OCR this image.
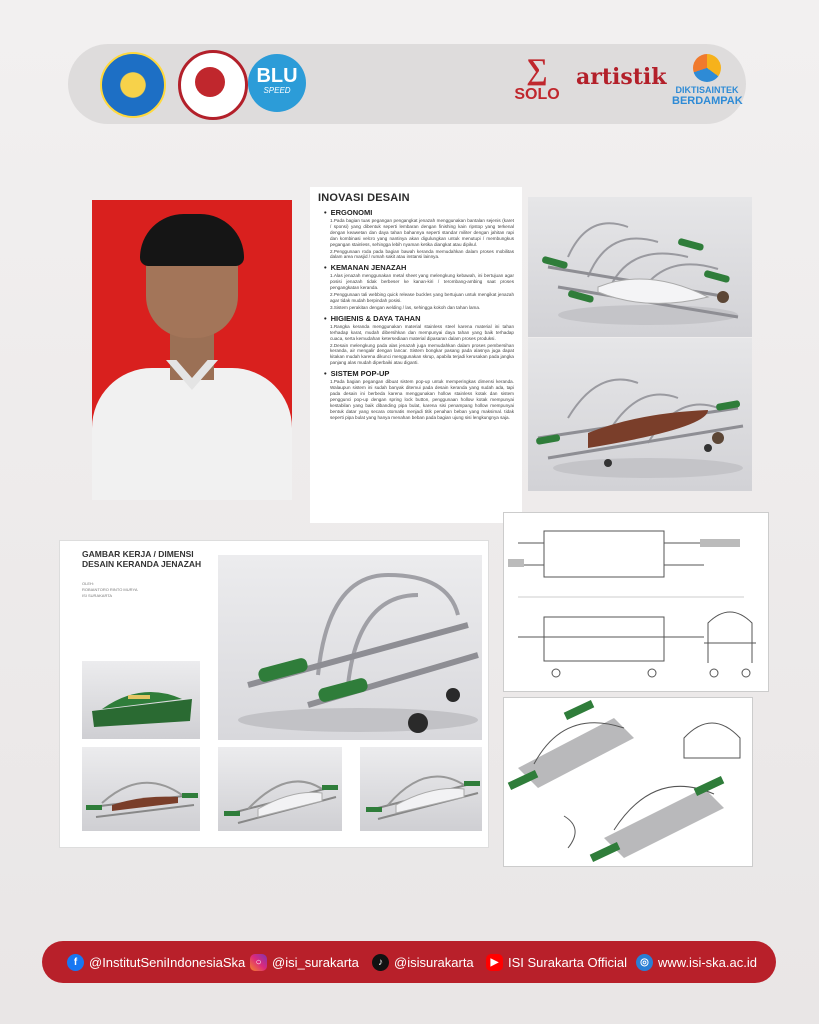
BLU
SPEED
∑
SOLO
artistik DIKTISAINTEK
BERDAMPAK
INOVASI DESAIN
• ERGONOMI
1.Pada bagian tuas pegangan pengangkat jenazah menggunakan bantalan sejenis (karet / sponsi) yang dibentuk seperti lembaran dengan finishing kain ripstop yang terkenal dengan keawetan dan daya tahan bahannya seperti standar militer dengan jahitan rapi dan kombinasi velcro yang nantinya akan digulungkan untuk menutupi / membungkus pegangan stainless, sehingga lebih nyaman ketika diangkat atau dipikul.
2.Penggunaan roda pada bagian bawah keranda memudahkan dalam proses mobilitas dalam area masjid / rumah sakit atau instansi lainnya.
• KEMANAN JENAZAH
1.Alas jenazah menggunakan metal sheet yang melengkung kebawah, ini bertujuan agar posisi jenazah tidak berbeser ke kanan-kiri / terombang-ambing saat proses pengangkatan keranda.
2.Penggunaan tali webbing quick release buckles yang bertujuan untuk mengikat jenazah agar tidak mudah berpindah posisi.
3.Sistem perakitan dengan welding / las, sehingga kokoh dan tahan lama.
• HIGIENIS & DAYA TAHAN
1.Rangka keranda menggunakan material stainless steel karena material ini tahan terhadap karat, mudah dibersihkan dan mempunyai daya tahan yang baik terhadap cuaca, serta kemudahan ketersediaan material dipasaran dalam proses produksi.
2.Desain melengkung pada alas jenazah juga memudahkan dalam proses pembersihan keranda, air mengalir dengan lancar. Sistem bongkar pasang pada alasnya juga dapat kitakan mudah karena dikunci menggunakan skrup, apabila terjadi kerusakan pada jangka panjang alas mudah diperbaiki atau diganti.
• SISTEM POP-UP
1.Pada bagian pegangan dibuat sistem pop-up untuk memperingkas dimensi keranda. Walaupun sistem ini sudah banyak ditemui pada desain keranda yang sudah ada, tapi pada desain ini berbeda karena menggunakan hollow stainless kotak dan sistem penggunci pop-up dengan spring lock button, penggunaan hollow kotak mempunyai kestabilan yang baik dibanding pipa bulat, karena sisi penampang hollow mempunyai bentuk datar yang secara otomatis menjadi titik penahan beban yang maksimal. tidak seperti pipa bulat yang hanya menahan beban pada bagian ujung sisi lengkungnya saja.
GAMBAR KERJA / DIMENSI
DESAIN KERANDA JENAZAH
OLEH:
ROBIANTORO RINTO MURYA
ISI SURAKARTA
f @InstitutSeniIndonesiaSka	○ @isi_surakarta	♪ @isisurakarta	▶ ISI Surakarta Official	◎ www.isi-ska.ac.id
